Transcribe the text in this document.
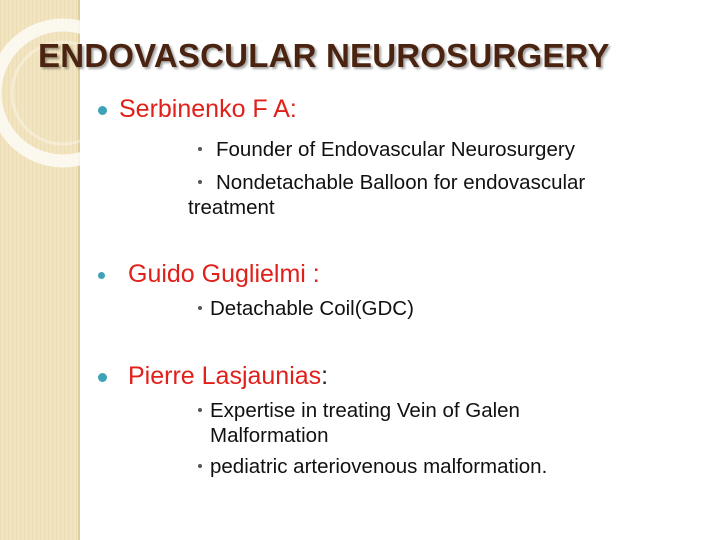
ENDOVASCULAR NEUROSURGERY
Serbinenko F A:
Founder of Endovascular Neurosurgery
Nondetachable Balloon for endovascular treatment
Guido Guglielmi :
Detachable Coil(GDC)
Pierre Lasjaunias:
Expertise in treating Vein of Galen Malformation
pediatric arteriovenous malformation.
